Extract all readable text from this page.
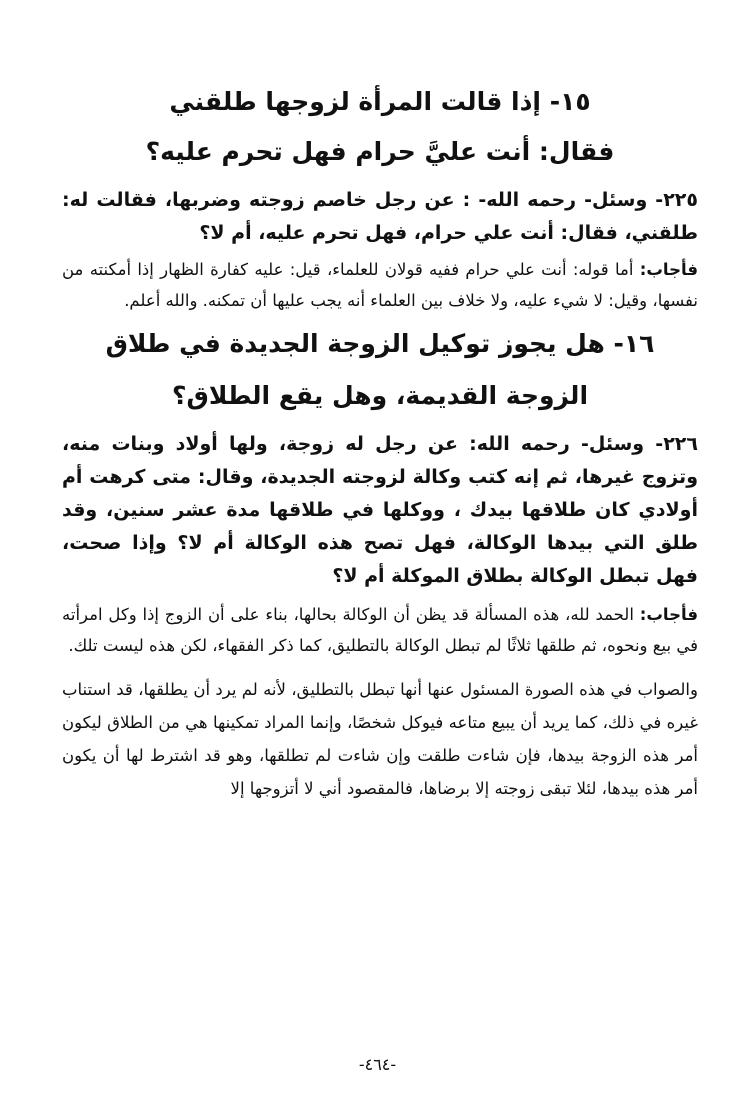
١٥- إذا قالت المرأة لزوجها طلقني

فقال: أنت عليَّ حرام فهل تحرم عليه؟

٢٢٥- وسئل- رحمه الله- : عن رجل خاصم زوجته وضربها، فقالت له: طلقني، فقال: أنت علي حرام، فهل تحرم عليه، أم لا؟

فأجاب: أما قوله: أنت علي حرام ففيه قولان للعلماء، قيل: عليه كفارة الظهار إذا أمكنته من نفسها، وقيل: لا شيء عليه، ولا خلاف بين العلماء أنه يجب عليها أن تمكنه. والله أعلم.

١٦- هل يجوز توكيل الزوجة الجديدة في طلاق

الزوجة القديمة، وهل يقع الطلاق؟

٢٢٦- وسئل- رحمه الله: عن رجل له زوجة، ولها أولاد وبنات منه، وتزوج غيرها، ثم إنه كتب وكالة لزوجته الجديدة، وقال: متى كرهت أم أولادي كان طلاقها بيدك ، ووكلها في طلاقها مدة عشر سنين، وقد طلق التي بيدها الوكالة، فهل تصح هذه الوكالة أم لا؟ وإذا صحت، فهل تبطل الوكالة بطلاق الموكلة أم لا؟

فأجاب: الحمد لله، هذه المسألة قد يظن أن الوكالة بحالها، بناء على أن الزوج إذا وكل امرأته في بيع ونحوه، ثم طلقها ثلاثًا لم تبطل الوكالة بالتطليق، كما ذكر الفقهاء، لكن هذه ليست تلك.

والصواب في هذه الصورة المسئول عنها أنها تبطل بالتطليق، لأنه لم يرد أن يطلقها، قد استناب غيره في ذلك، كما يريد أن يبيع متاعه فيوكل شخصًا، وإنما المراد تمكينها هي من الطلاق ليكون أمر هذه الزوجة بيدها، فإن شاءت طلقت وإن شاءت لم تطلقها، وهو قد اشترط لها أن يكون أمر هذه بيدها، لئلا تبقى زوجته إلا برضاها، فالمقصود أني لا أتزوجها إلا

-٤٦٤-
